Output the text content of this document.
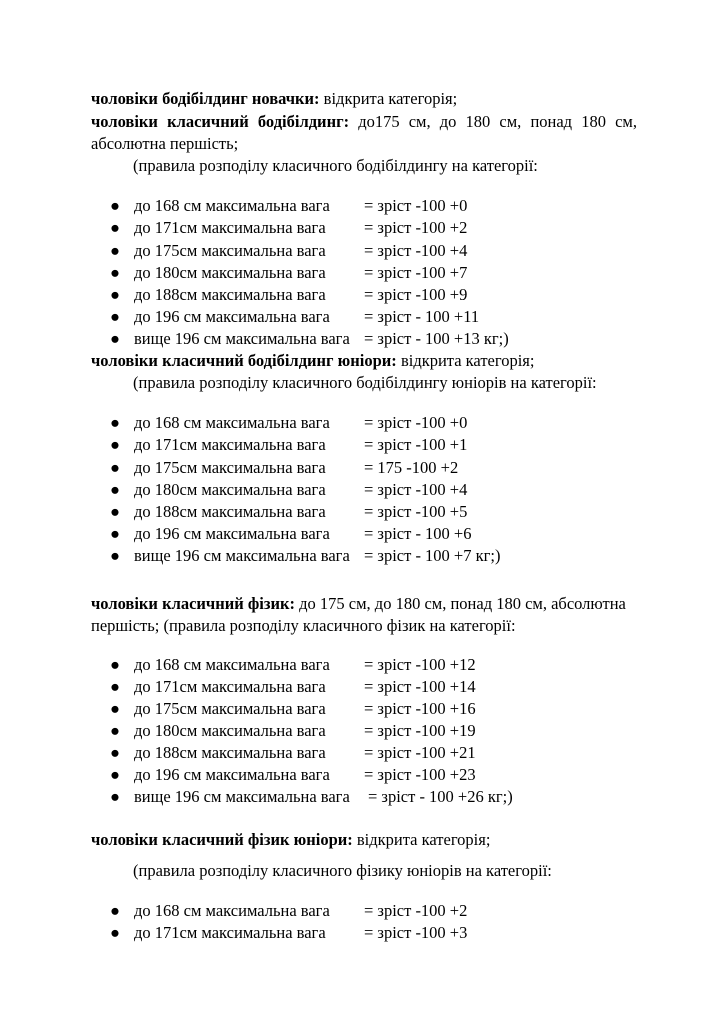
чоловіки бодібілдинг новачки: відкрита категорія;
чоловіки класичний бодібілдинг: до175 см, до 180 см, понад 180 см,
абсолютна першість;
(правила розподілу класичного бодібілдингу на категорії:
● до 168 см максимальна вага = зріст -100 +0
● до 171см максимальна вага = зріст -100 +2
● до 175см максимальна вага = зріст -100 +4
● до 180см максимальна вага = зріст -100 +7
● до 188см максимальна вага = зріст -100 +9
● до 196 см максимальна вага = зріст - 100 +11
● вище 196 см максимальна вага = зріст - 100 +13 кг;)
чоловіки класичний бодібілдинг юніори: відкрита категорія;
(правила розподілу класичного бодібілдингу юніорів на категорії:
● до 168 см максимальна вага = зріст -100 +0
● до 171см максимальна вага = зріст -100 +1
● до 175см максимальна вага = 175 -100 +2
● до 180см максимальна вага = зріст -100 +4
● до 188см максимальна вага = зріст -100 +5
● до 196 см максимальна вага = зріст - 100 +6
● вище 196 см максимальна вага = зріст - 100 +7 кг;)
чоловіки класичний фізик: до 175 см, до 180 см, понад 180 см, абсолютна
першість; (правила розподілу класичного фізик на категорії:
● до 168 см максимальна вага = зріст -100 +12
● до 171см максимальна вага = зріст -100 +14
● до 175см максимальна вага = зріст -100 +16
● до 180см максимальна вага = зріст -100 +19
● до 188см максимальна вага = зріст -100 +21
● до 196 см максимальна вага = зріст -100 +23
● вище 196 см максимальна вага = зріст - 100 +26 кг;)
чоловіки класичний фізик юніори: відкрита категорія;
(правила розподілу класичного фізику юніорів на категорії:
● до 168 см максимальна вага = зріст -100 +2
● до 171см максимальна вага = зріст -100 +3
